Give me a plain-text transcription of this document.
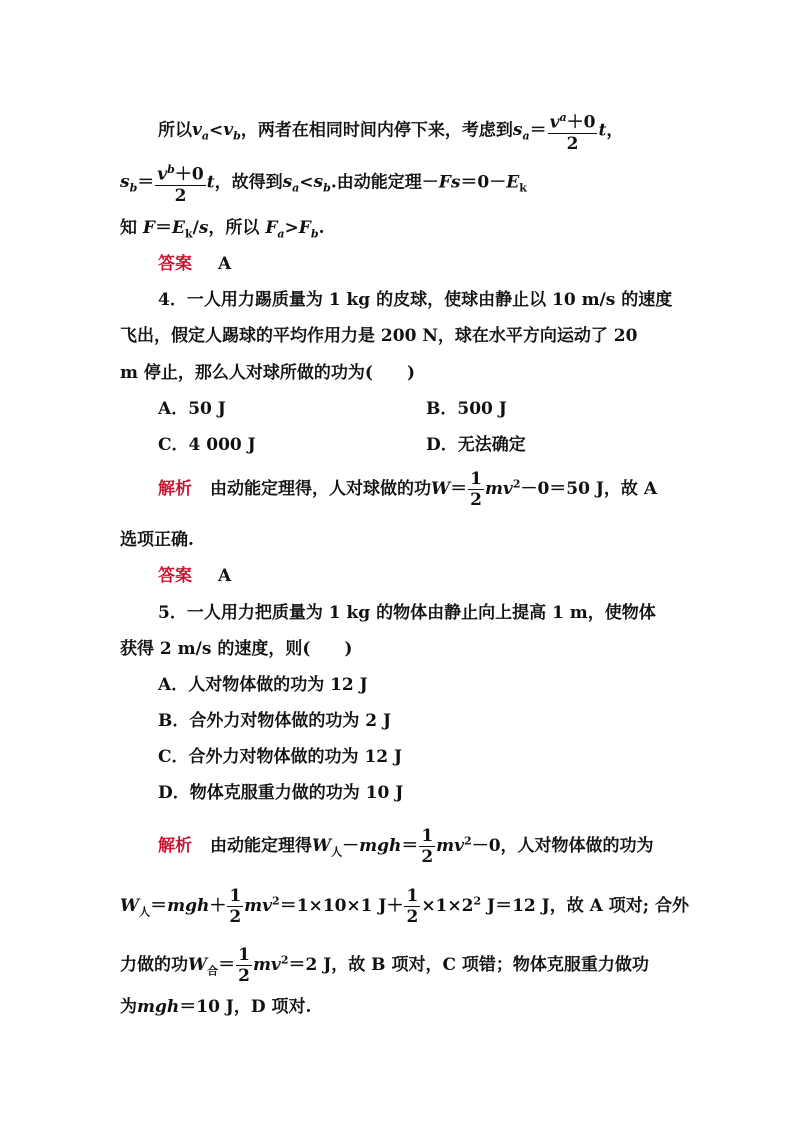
所以$v_a<v_b$，两者在相同时间内停下来，考虑到$s_a= \frac{v^a+0}{2}$ t，
$s_b= \frac{v^b+0}{2}$ t，故得到$s_a<s_b$.由动能定理$-Fs=0-E_k$
知 $F=E_k/s$，所以 $F_a>F_b$.
答案 A
4．一人用力踢质量为 1 kg 的皮球，使球由静止以 10 m/s 的速度
飞出，假定人踢球的平均作用力是 200 N，球在水平方向运动了 20
m 停止，那么人对球所做的功为( )
A．50 J	B．500 J
C．4 000 J	D．无法确定
解析 由动能定理得，人对球做的功$W= \frac{1}{2} mv^2-0=50$ J，故 A
选项正确.
答案 A
5．一人用力把质量为 1 kg 的物体由静止向上提高 1 m，使物体
获得 2 m/s 的速度，则( )
A．人对物体做的功为 12 J
B．合外力对物体做的功为 2 J
C．合外力对物体做的功为 12 J
D．物体克服重力做的功为 10 J
解析 由动能定理得$W_人-mgh= \frac{1}{2} mv^2-0$，人对物体做的功为
$W_人=mgh+ \frac{1}{2} mv^2=1\times 10\times 1$ $J+ \frac{1}{2} \times 1\times 2^2$ J＝12 J，故 A 项对; 合外
力做的功$W_合= \frac{1}{2} mv^2=2$ J，故 B 项对，C 项错；物体克服重力做功
为mgh＝10 J，D 项对.
